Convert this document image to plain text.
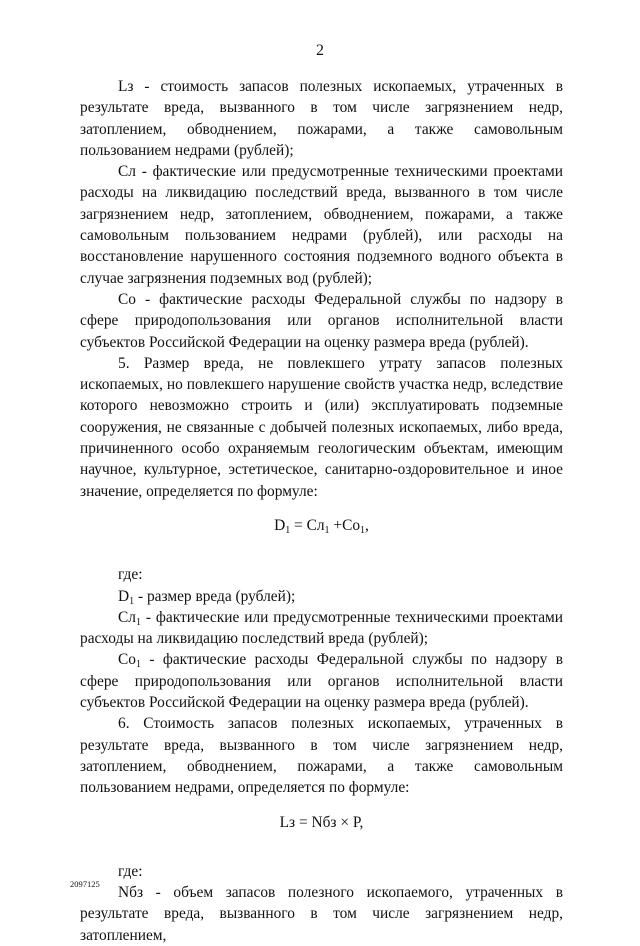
2

Lз - стоимость запасов полезных ископаемых, утраченных в результате вреда, вызванного в том числе загрязнением недр, затоплением, обводнением, пожарами, а также самовольным пользованием недрами (рублей);

Сл - фактические или предусмотренные техническими проектами расходы на ликвидацию последствий вреда, вызванного в том числе загрязнением недр, затоплением, обводнением, пожарами, а также самовольным пользованием недрами (рублей), или расходы на восстановление нарушенного состояния подземного водного объекта в случае загрязнения подземных вод (рублей);

Со - фактические расходы Федеральной службы по надзору в сфере природопользования или органов исполнительной власти субъектов Российской Федерации на оценку размера вреда (рублей).

5. Размер вреда, не повлекшего утрату запасов полезных ископаемых, но повлекшего нарушение свойств участка недр, вследствие которого невозможно строить и (или) эксплуатировать подземные сооружения, не связанные с добычей полезных ископаемых, либо вреда, причиненного особо охраняемым геологическим объектам, имеющим научное, культурное, эстетическое, санитарно-оздоровительное и иное значение, определяется по формуле:

$D_1 = Сл_1 +Со_1$,

где:

$D_1$ - размер вреда (рублей);

$Сл_1$ - фактические или предусмотренные техническими проектами расходы на ликвидацию последствий вреда (рублей);

$Со_1$ - фактические расходы Федеральной службы по надзору в сфере природопользования или органов исполнительной власти субъектов Российской Федерации на оценку размера вреда (рублей).

6. Стоимость запасов полезных ископаемых, утраченных в результате вреда, вызванного в том числе загрязнением недр, затоплением, обводнением, пожарами, а также самовольным пользованием недрами, определяется по формуле:

Lз = Nбз × Р,

где:

Nбз - объем запасов полезного ископаемого, утраченных в результате вреда, вызванного в том числе загрязнением недр, затоплением,

2097125
